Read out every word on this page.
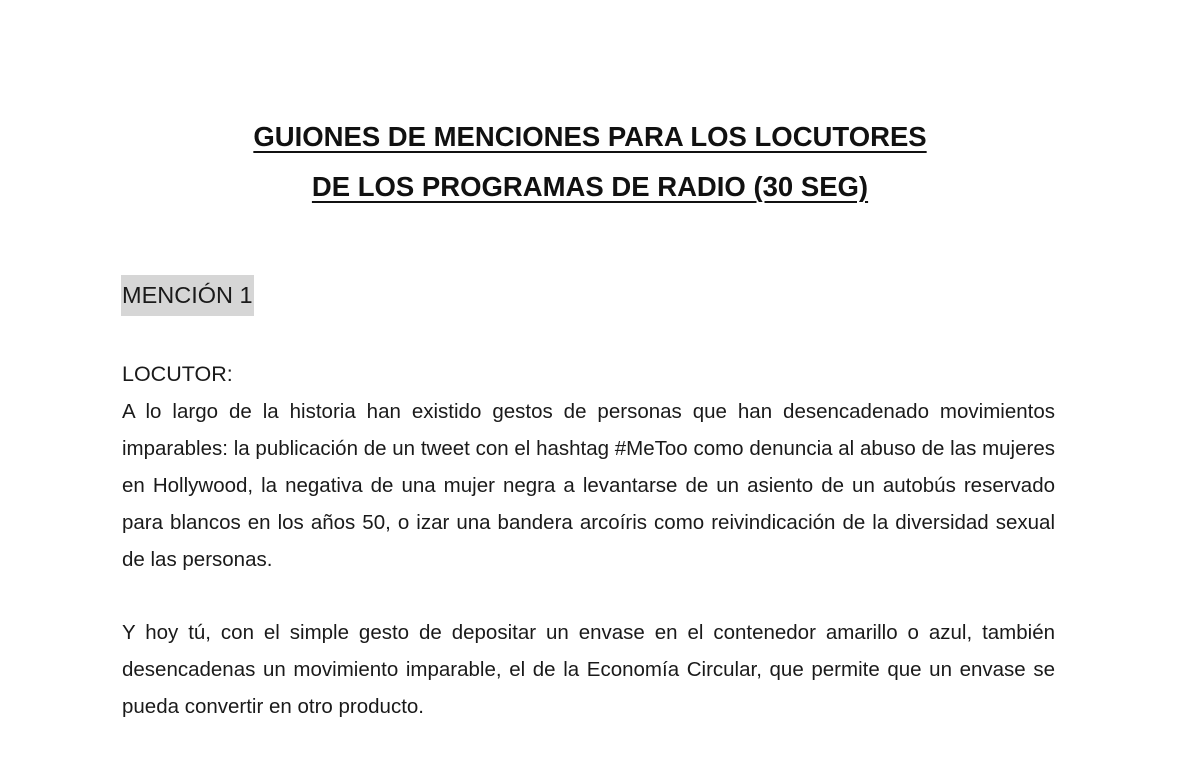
GUIONES DE MENCIONES PARA LOS LOCUTORES
DE LOS PROGRAMAS DE RADIO (30 SEG)
MENCIÓN 1
LOCUTOR:

A lo largo de la historia han existido gestos de personas que han desencadenado movimientos imparables: la publicación de un tweet con el hashtag #MeToo como denuncia al abuso de las mujeres en Hollywood, la negativa de una mujer negra a levantarse de un asiento de un autobús reservado para blancos en los años 50, o izar una bandera arcoíris como reivindicación de la diversidad sexual de las personas.

Y hoy tú, con el simple gesto de depositar un envase en el contenedor amarillo o azul, también desencadenas un movimiento imparable, el de la Economía Circular, que permite que un envase se pueda convertir en otro producto.
